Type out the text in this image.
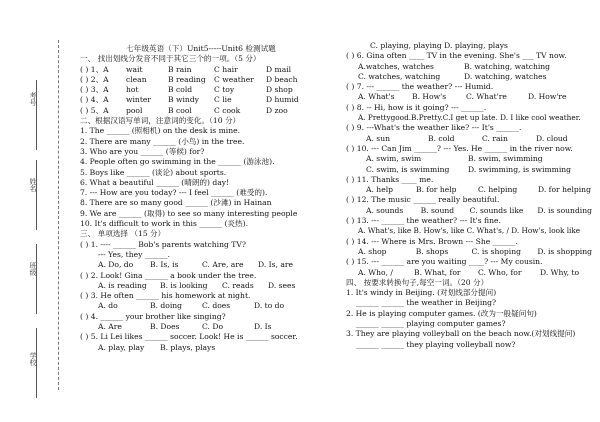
考号
姓名
班级
学校
七年级英语（下）Unit5-----Unit6 检测试题
一、 找出划线分发音不同于其它三个的一项。（5 分）
( ) 1、A	wait	B rain	C hair	D mail
( ) 2、A	clean	B reading	C weather	D beach
( ) 3、A	hot	B cold	C toy	D shop
( ) 4、A	winter	B windy	C lie	D humid
( ) 5、A	pool	B cool	C cook	D zoo
二、根据汉语写单词，注意词的变化。（10 分）
1. The ______ (照相机) on the desk is mine.
2. There are many ______ (小鸟) in the tree.
3. Who are you ______ (等候) for?
4. People often go swimming in the ______ (游泳池).
5. Boys like ______ (谈论) about sports.
6. What a beautiful ______ (晴朗的) day!
7. --- How are you today? --- I feel ______ (难受的).
8. There are so many good ______ (沙滩) in Hainan
9. We are ______ (取得) to see so many interesting people
10. It's difficult to work in this ______ (炎热).
三、 单项选择 （15 分）
( ) 1. ---- ______ Bob's parents watching TV?
--- Yes, they ______.
A. Do, do	B. Is, is	C. Are, are	D. Is, are
( ) 2. Look! Gina ______ a book under the tree.
A. is reading	B. is looking	C. reads	D. sees
( ) 3. He often ______ his homework at night.
A. do	B. doing	C. does	D. to do
( ) 4. ______ your brother like singing?
A. Are	B. Does	C. Do	D. Is
( ) 5. Li Lei likes ______ soccer. Look! He is ______ soccer.
A. play, play	B. plays, plays
C. playing, playing D. playing, plays
( ) 6. Gina often ____ TV in the evening. She's ___ TV now.
A.watches, watches	B. watching, watching
C. watches, watching	D. watching, watches
( ) 7. --- ______ the weather? --- Humid.
A. What's	B. How's	C. What're	D. How're
( ) 8. -- Hi, how is it going? --- ______.
A. Prettygood.B.Pretty.C.I get up late. D. I like cool weather.
( ) 9. ---What's the weather like? --- It's ______.
A. sun	B. cold	C. rain	D. cloud
( ) 10. --- Can Jim ______? --- Yes. He ______ in the river now.
A. swim, swim	B. swim, swimming
C. swim, is swimming	D. swimming, is swimming
( ) 11. Thanks ____ me.
A. help	B. for help	C. helping	D. for helping
( ) 12. The music ______ really beautiful.
A. sounds	B. sound	C. sounds like	D. is sounding
( ) 13. --- ______ the weather? --- It's fine.
A. What's, like B. How's, like C. What's, / D. How's, look like
( ) 14. --- Where is Mrs. Brown --- She ______.
A. shop	B. shops	C. is shoping	D. is shopping
( ) 15. --- ______ are you waiting ____? --- My cousin.
A. Who, /	B. What, for	C. Who, for	D. Why, to
四、 按要求转换句子,每空一词。（20 分）
1. It's windy in Beijing. (对划线部分提问)
______ ______ the weather in Beijing?
2. He is playing computer games. (改为一般疑问句)
______ ______ playing computer games?
3. They are playing volleyball on the beach now.(对划线提问)
______ ______ they playing volleyball now?
